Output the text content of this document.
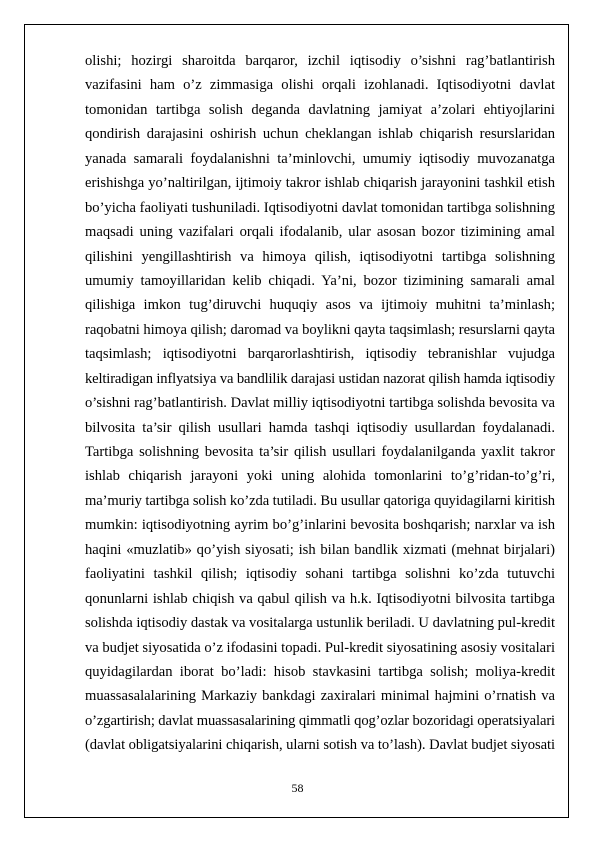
olishi; hozirgi sharoitda barqaror, izchil iqtisodiy o’sishni rag’batlantirish
vazifasini ham o’z zimmasiga olishi orqali izohlanadi. Iqtisodiyotni davlat
tomonidan tartibga solish deganda davlatning jamiyat a’zolari ehtiyojlarini
qondirish darajasini oshirish uchun cheklangan ishlab chiqarish resurslaridan
yanada samarali foydalanishni ta’minlovchi, umumiy iqtisodiy muvozanatga
erishishga yo’naltirilgan, ijtimoiy takror ishlab chiqarish jarayonini tashkil etish
bo’yicha faoliyati tushuniladi. Iqtisodiyotni davlat tomonidan tartibga solishning
maqsadi uning vazifalari orqali ifodalanib, ular asosan bozor tizimining amal
qilishini yengillashtirish va himoya qilish, iqtisodiyotni tartibga solishning
umumiy tamoyillaridan kelib chiqadi. Ya’ni, bozor tizimining samarali amal
qilishiga imkon tug’diruvchi huquqiy asos va ijtimoiy muhitni ta’minlash;
raqobatni himoya qilish; daromad va boylikni qayta taqsimlash; resurslarni qayta
taqsimlash; iqtisodiyotni barqarorlashtirish, iqtisodiy tebranishlar vujudga
keltiradigan inflyatsiya va bandlilik darajasi ustidan nazorat qilish hamda iqtisodiy
o’sishni rag’batlantirish. Davlat milliy iqtisodiyotni tartibga solishda bevosita va
bilvosita ta’sir qilish usullari hamda tashqi iqtisodiy usullardan foydalanadi.
Tartibga solishning bevosita ta’sir qilish usullari foydalanilganda yaxlit takror
ishlab chiqarish jarayoni yoki uning alohida tomonlarini to’g’ridan-to’g’ri,
ma’muriy tartibga solish ko’zda tutiladi. Bu usullar qatoriga quyidagilarni kiritish
mumkin: iqtisodiyotning ayrim bo’g’inlarini bevosita boshqarish; narxlar va ish
haqini «muzlatib» qo’yish siyosati; ish bilan bandlik xizmati (mehnat birjalari)
faoliyatini tashkil qilish; iqtisodiy sohani tartibga solishni ko’zda tutuvchi
qonunlarni ishlab chiqish va qabul qilish va h.k. Iqtisodiyotni bilvosita tartibga
solishda iqtisodiy dastak va vositalarga ustunlik beriladi. U davlatning pul-kredit
va budjet siyosatida o’z ifodasini topadi. Pul-kredit siyosatining asosiy vositalari
quyidagilardan iborat bo’ladi: hisob stavkasini tartibga solish; moliya-kredit
muassasalalarining Markaziy bankdagi zaxiralari minimal hajmini o’rnatish va
o’zgartirish; davlat muassasalarining qimmatli qog’ozlar bozoridagi operatsiyalari
(davlat obligatsiyalarini chiqarish, ularni sotish va to’lash). Davlat budjet siyosati
58
